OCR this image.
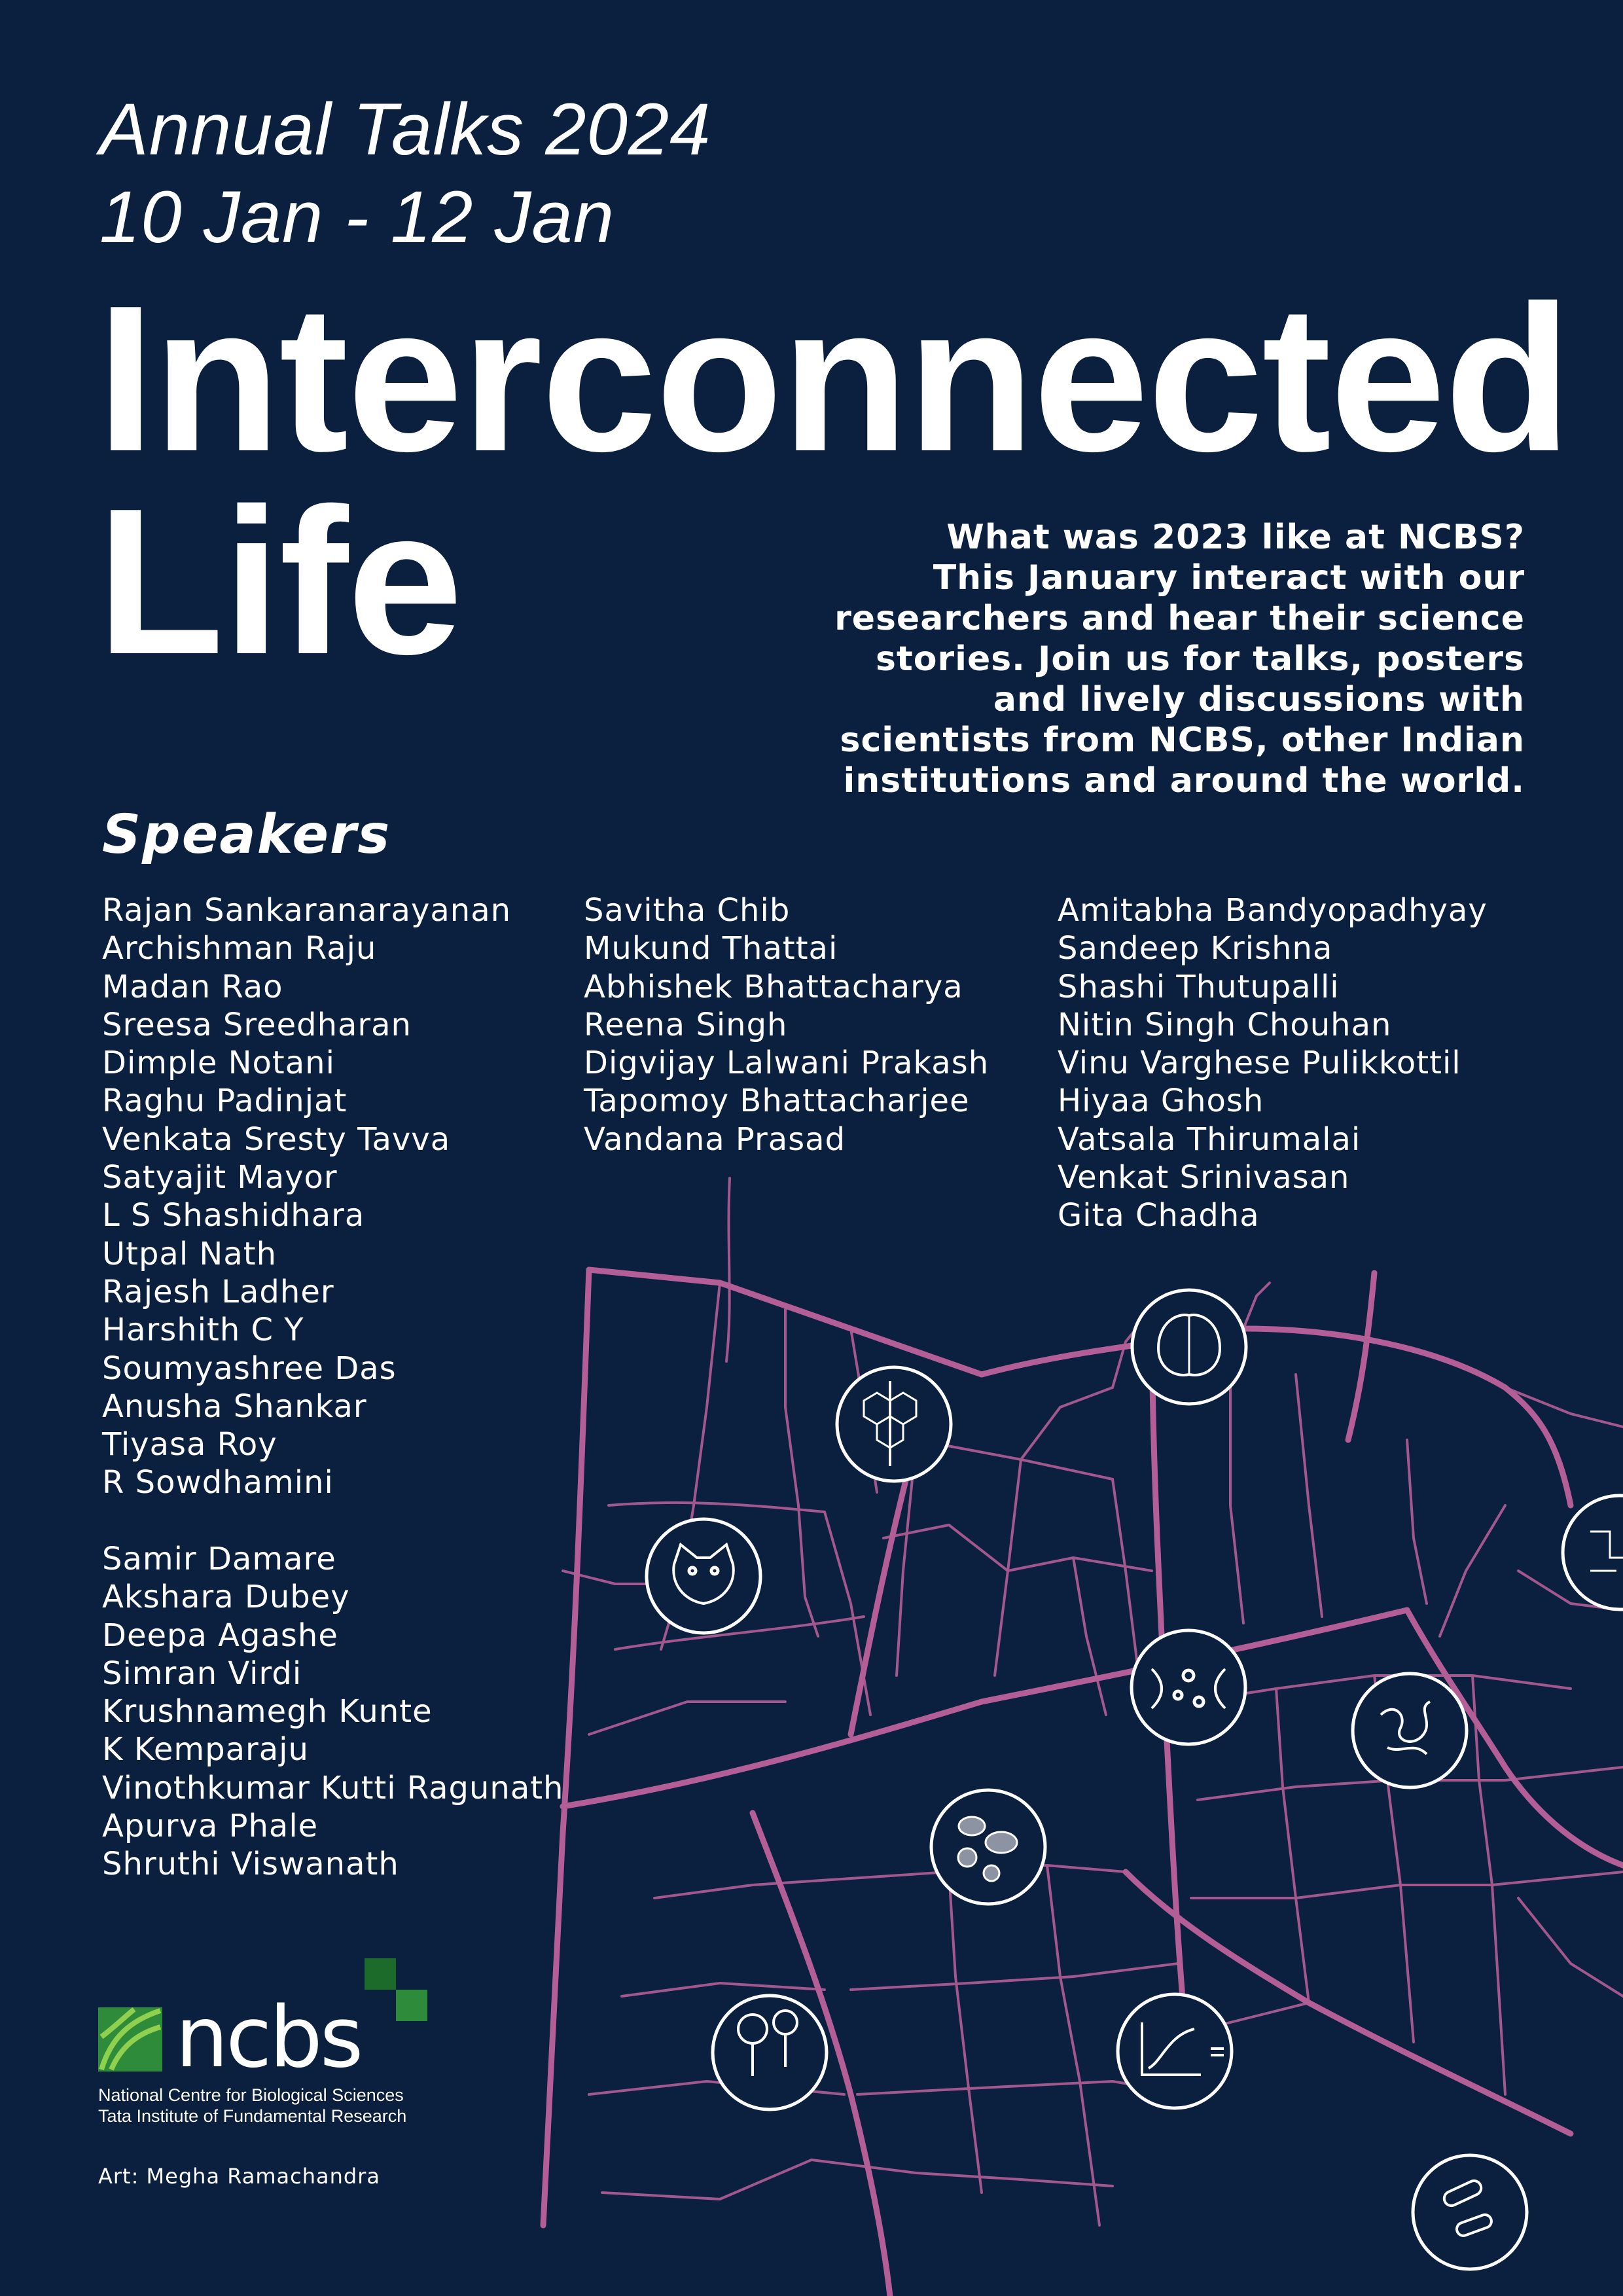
Annual Talks 2024
10 Jan - 12 Jan
Interconnected
Life	What was 2023 like at NCBS?
This January interact with our
researchers and hear their science
stories. Join us for talks, posters
and lively discussions with
scientists from NCBS, other Indian
institutions and around the world.
Speakers
Rajan Sankaranarayanan
Archishman Raju
Madan Rao
Sreesa Sreedharan
Dimple Notani
Raghu Padinjat
Venkata Sresty Tavva
Satyajit Mayor
L S Shashidhara
Utpal Nath
Rajesh Ladher
Harshith C Y
Soumyashree Das
Anusha Shankar
Tiyasa Roy
R Sowdhamini
Samir Damare
Akshara Dubey
Deepa Agashe
Simran Virdi
Krushnamegh Kunte
K Kemparaju
Vinothkumar Kutti Ragunath
Apurva Phale
Shruthi Viswanath
Savitha Chib
Mukund Thattai
Abhishek Bhattacharya
Reena Singh
Digvijay Lalwani Prakash
Tapomoy Bhattacharjee
Vandana Prasad
Amitabha Bandyopadhyay
Sandeep Krishna
Shashi Thutupalli
Nitin Singh Chouhan
Vinu Varghese Pulikkottil
Hiyaa Ghosh
Vatsala Thirumalai
Venkat Srinivasan
Gita Chadha
ncbs
National Centre for Biological Sciences
Tata Institute of Fundamental Research
Art: Megha Ramachandra
